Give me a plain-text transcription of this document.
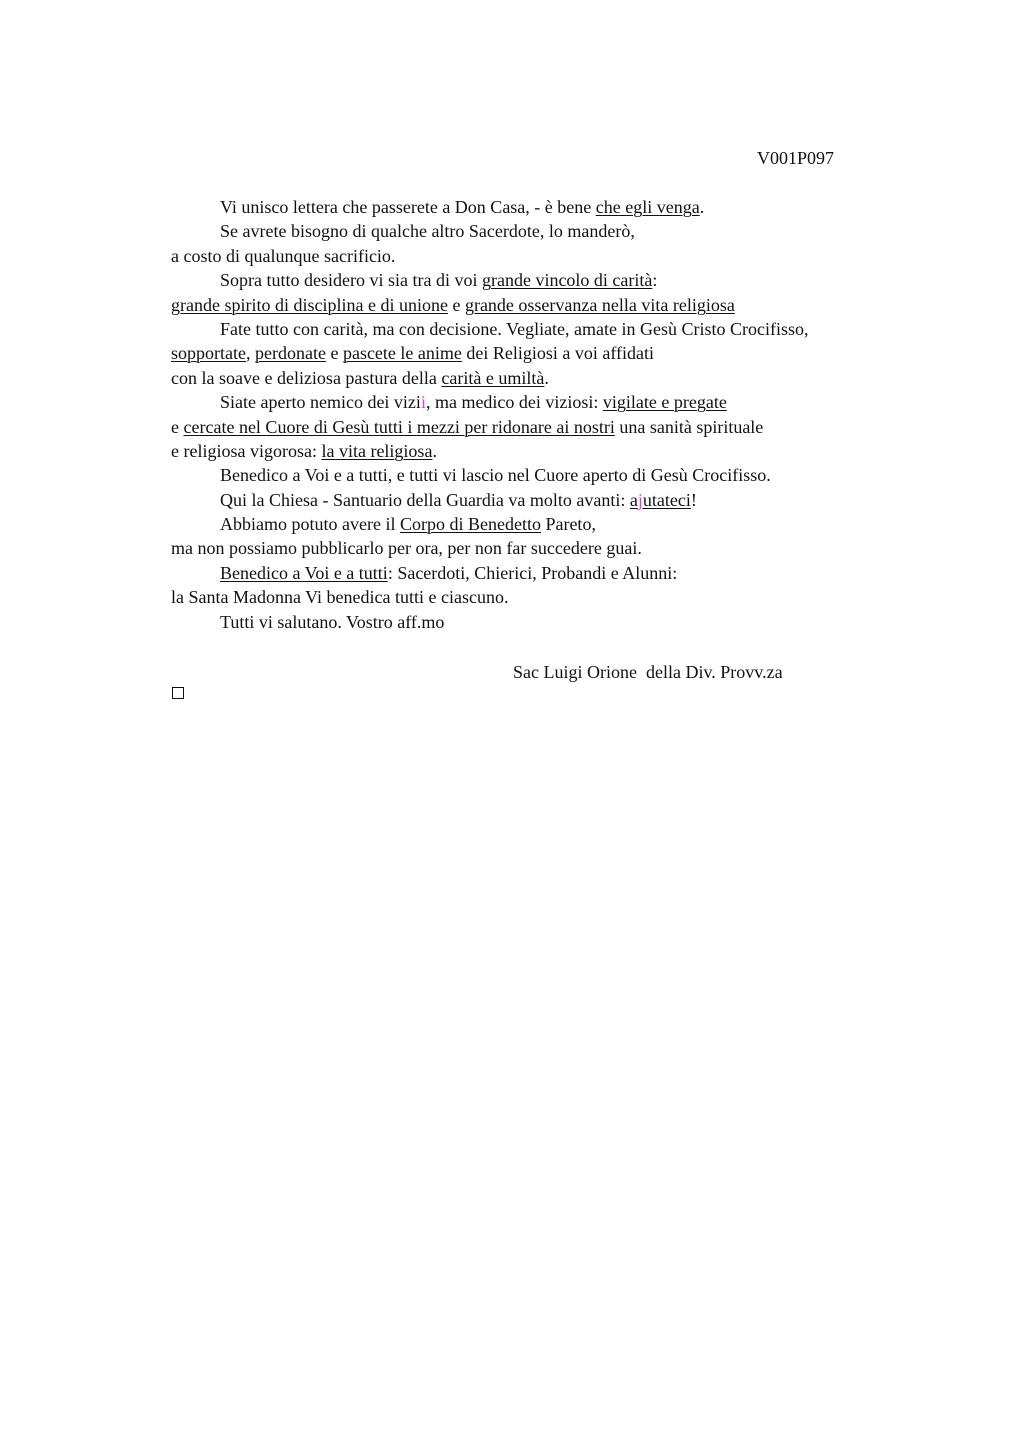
V001P097
Vi unisco lettera che passerete a Don Casa, - è bene che egli venga.
Se avrete bisogno di qualche altro Sacerdote, lo manderò,
a costo di qualunque sacrificio.
Sopra tutto desidero vi sia tra di voi grande vincolo di carità:
grande spirito di disciplina e di unione e grande osservanza nella vita religiosa
Fate tutto con carità, ma con decisione. Vegliate, amate in Gesù Cristo Crocifisso,
sopportate, perdonate e pascete le anime dei Religiosi a voi affidati
con la soave e deliziosa pastura della carità e umiltà.
Siate aperto nemico dei vizii, ma medico dei viziosi: vigilate e pregate
e cercate nel Cuore di Gesù tutti i mezzi per ridonare ai nostri una sanità spirituale
e religiosa vigorosa: la vita religiosa.
Benedico a Voi e a tutti, e tutti vi lascio nel Cuore aperto di Gesù Crocifisso.
Qui la Chiesa - Santuario della Guardia va molto avanti: ajutateci!
Abbiamo potuto avere il Corpo di Benedetto Pareto,
ma non possiamo pubblicarlo per ora, per non far succedere guai.
Benedico a Voi e a tutti: Sacerdoti, Chierici, Probandi e Alunni:
la Santa Madonna Vi benedica tutti e ciascuno.
Tutti vi salutano. Vostro aff.mo
Sac Luigi Orione  della Div. Provv.za
